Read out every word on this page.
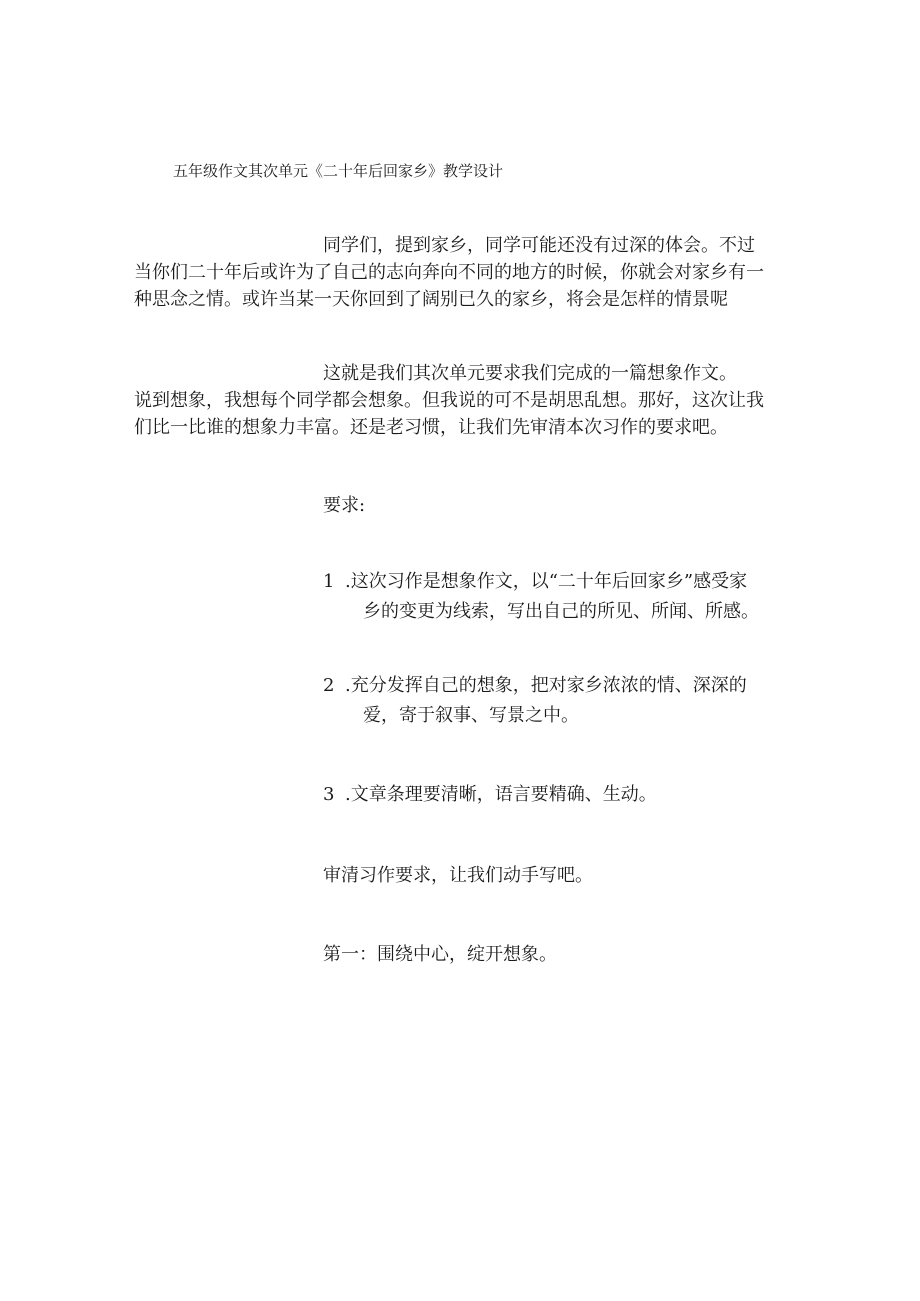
五年级作文其次单元《二十年后回家乡》教学设计
同学们，提到家乡，同学可能还没有过深的体会。不过
当你们二十年后或许为了自己的志向奔向不同的地方的时候，你就会对家乡有一
种思念之情。或许当某一天你回到了阔别已久的家乡，将会是怎样的情景呢
这就是我们其次单元要求我们完成的一篇想象作文。
说到想象，我想每个同学都会想象。但我说的可不是胡思乱想。那好，这次让我
们比一比谁的想象力丰富。还是老习惯，让我们先审清本次习作的要求吧。
要求:
1 .这次习作是想象作文，以“二十年后回家乡”感受家
乡的变更为线索，写出自己的所见、所闻、所感。
2 .充分发挥自己的想象，把对家乡浓浓的情、深深的
爱，寄于叙事、写景之中。
3 .文章条理要清晰，语言要精确、生动。
审清习作要求，让我们动手写吧。
第一：围绕中心，绽开想象。
